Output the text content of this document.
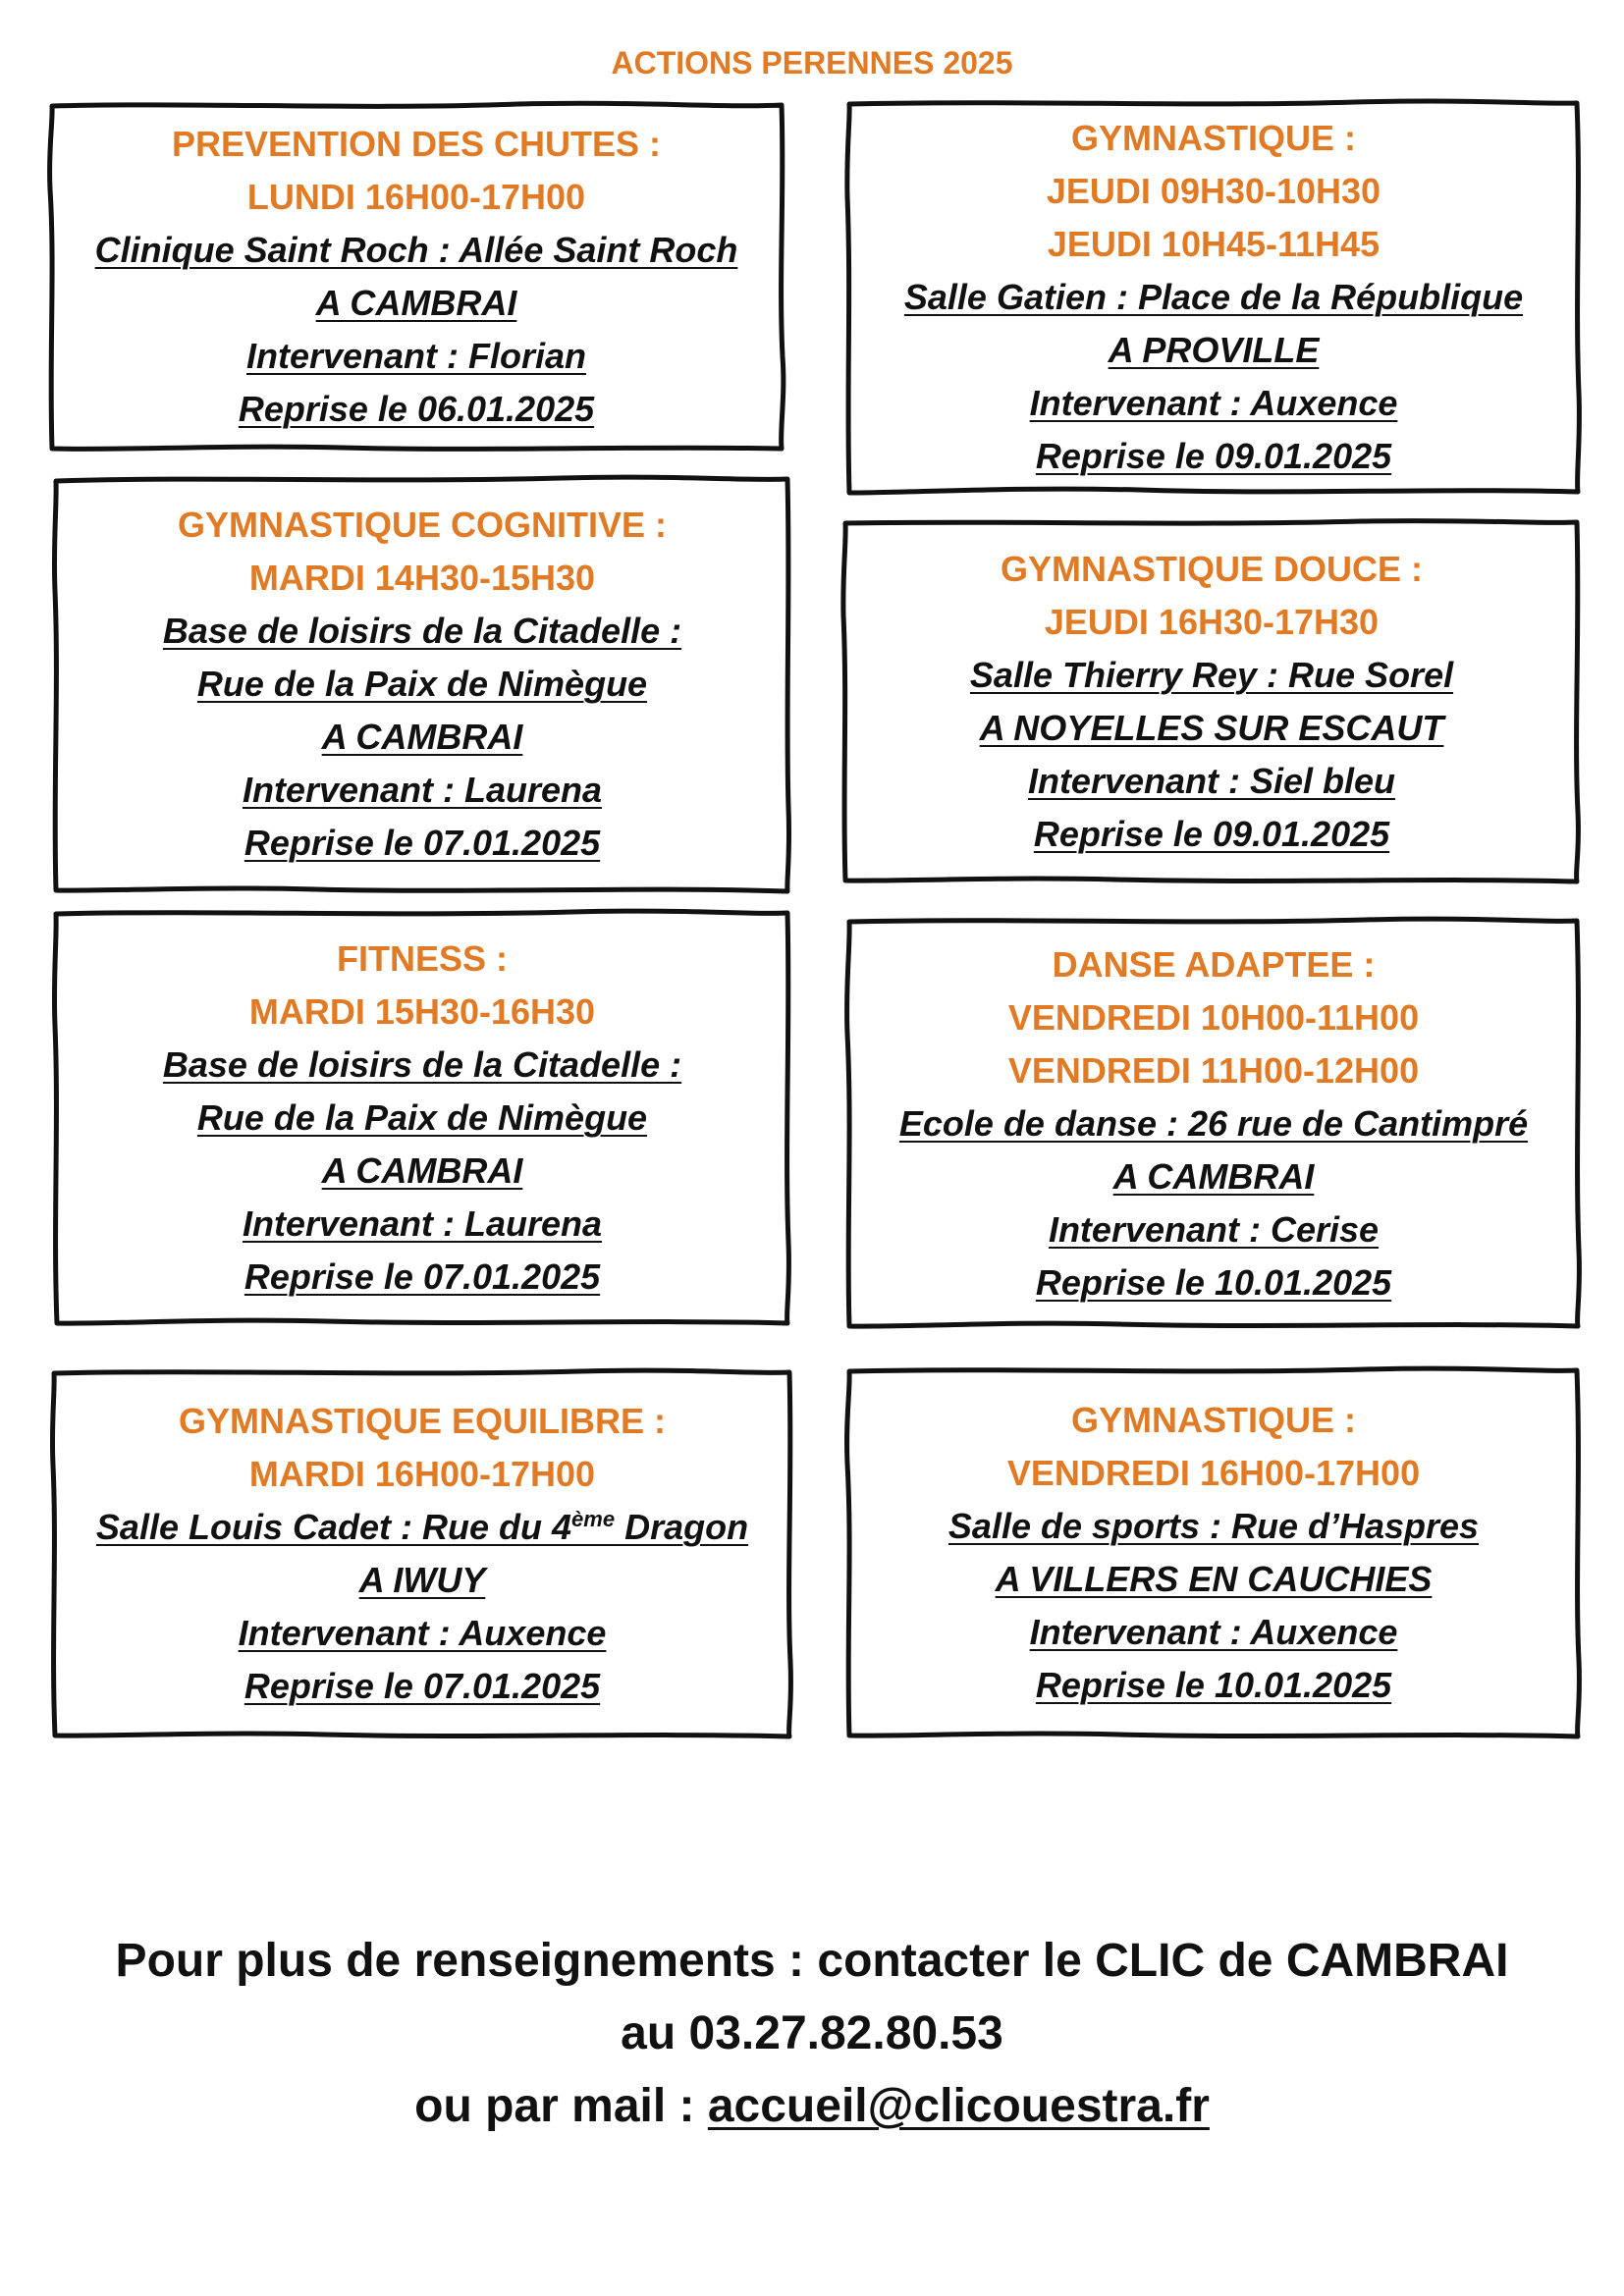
ACTIONS PERENNES 2025
PREVENTION DES CHUTES :
LUNDI 16H00-17H00
Clinique Saint Roch : Allée Saint Roch
A CAMBRAI
Intervenant : Florian
Reprise le 06.01.2025
GYMNASTIQUE :
JEUDI 09H30-10H30
JEUDI 10H45-11H45
Salle Gatien : Place de la République
A PROVILLE
Intervenant : Auxence
Reprise le 09.01.2025
GYMNASTIQUE COGNITIVE :
MARDI 14H30-15H30
Base de loisirs de la Citadelle :
Rue de la Paix de Nimègue
A CAMBRAI
Intervenant : Laurena
Reprise le 07.01.2025
GYMNASTIQUE DOUCE :
JEUDI 16H30-17H30
Salle Thierry Rey : Rue Sorel
A NOYELLES SUR ESCAUT
Intervenant : Siel bleu
Reprise le 09.01.2025
FITNESS :
MARDI 15H30-16H30
Base de loisirs de la Citadelle :
Rue de la Paix de Nimègue
A CAMBRAI
Intervenant : Laurena
Reprise le 07.01.2025
DANSE ADAPTEE :
VENDREDI 10H00-11H00
VENDREDI 11H00-12H00
Ecole de danse : 26 rue de Cantimpré
A CAMBRAI
Intervenant : Cerise
Reprise le 10.01.2025
GYMNASTIQUE EQUILIBRE :
MARDI 16H00-17H00
Salle Louis Cadet : Rue du 4ème Dragon
A IWUY
Intervenant : Auxence
Reprise le 07.01.2025
GYMNASTIQUE :
VENDREDI 16H00-17H00
Salle de sports : Rue d’Haspres
A VILLERS EN CAUCHIES
Intervenant : Auxence
Reprise le 10.01.2025
Pour plus de renseignements : contacter le CLIC de CAMBRAI
au 03.27.82.80.53
ou par mail : accueil@clicouestra.fr
